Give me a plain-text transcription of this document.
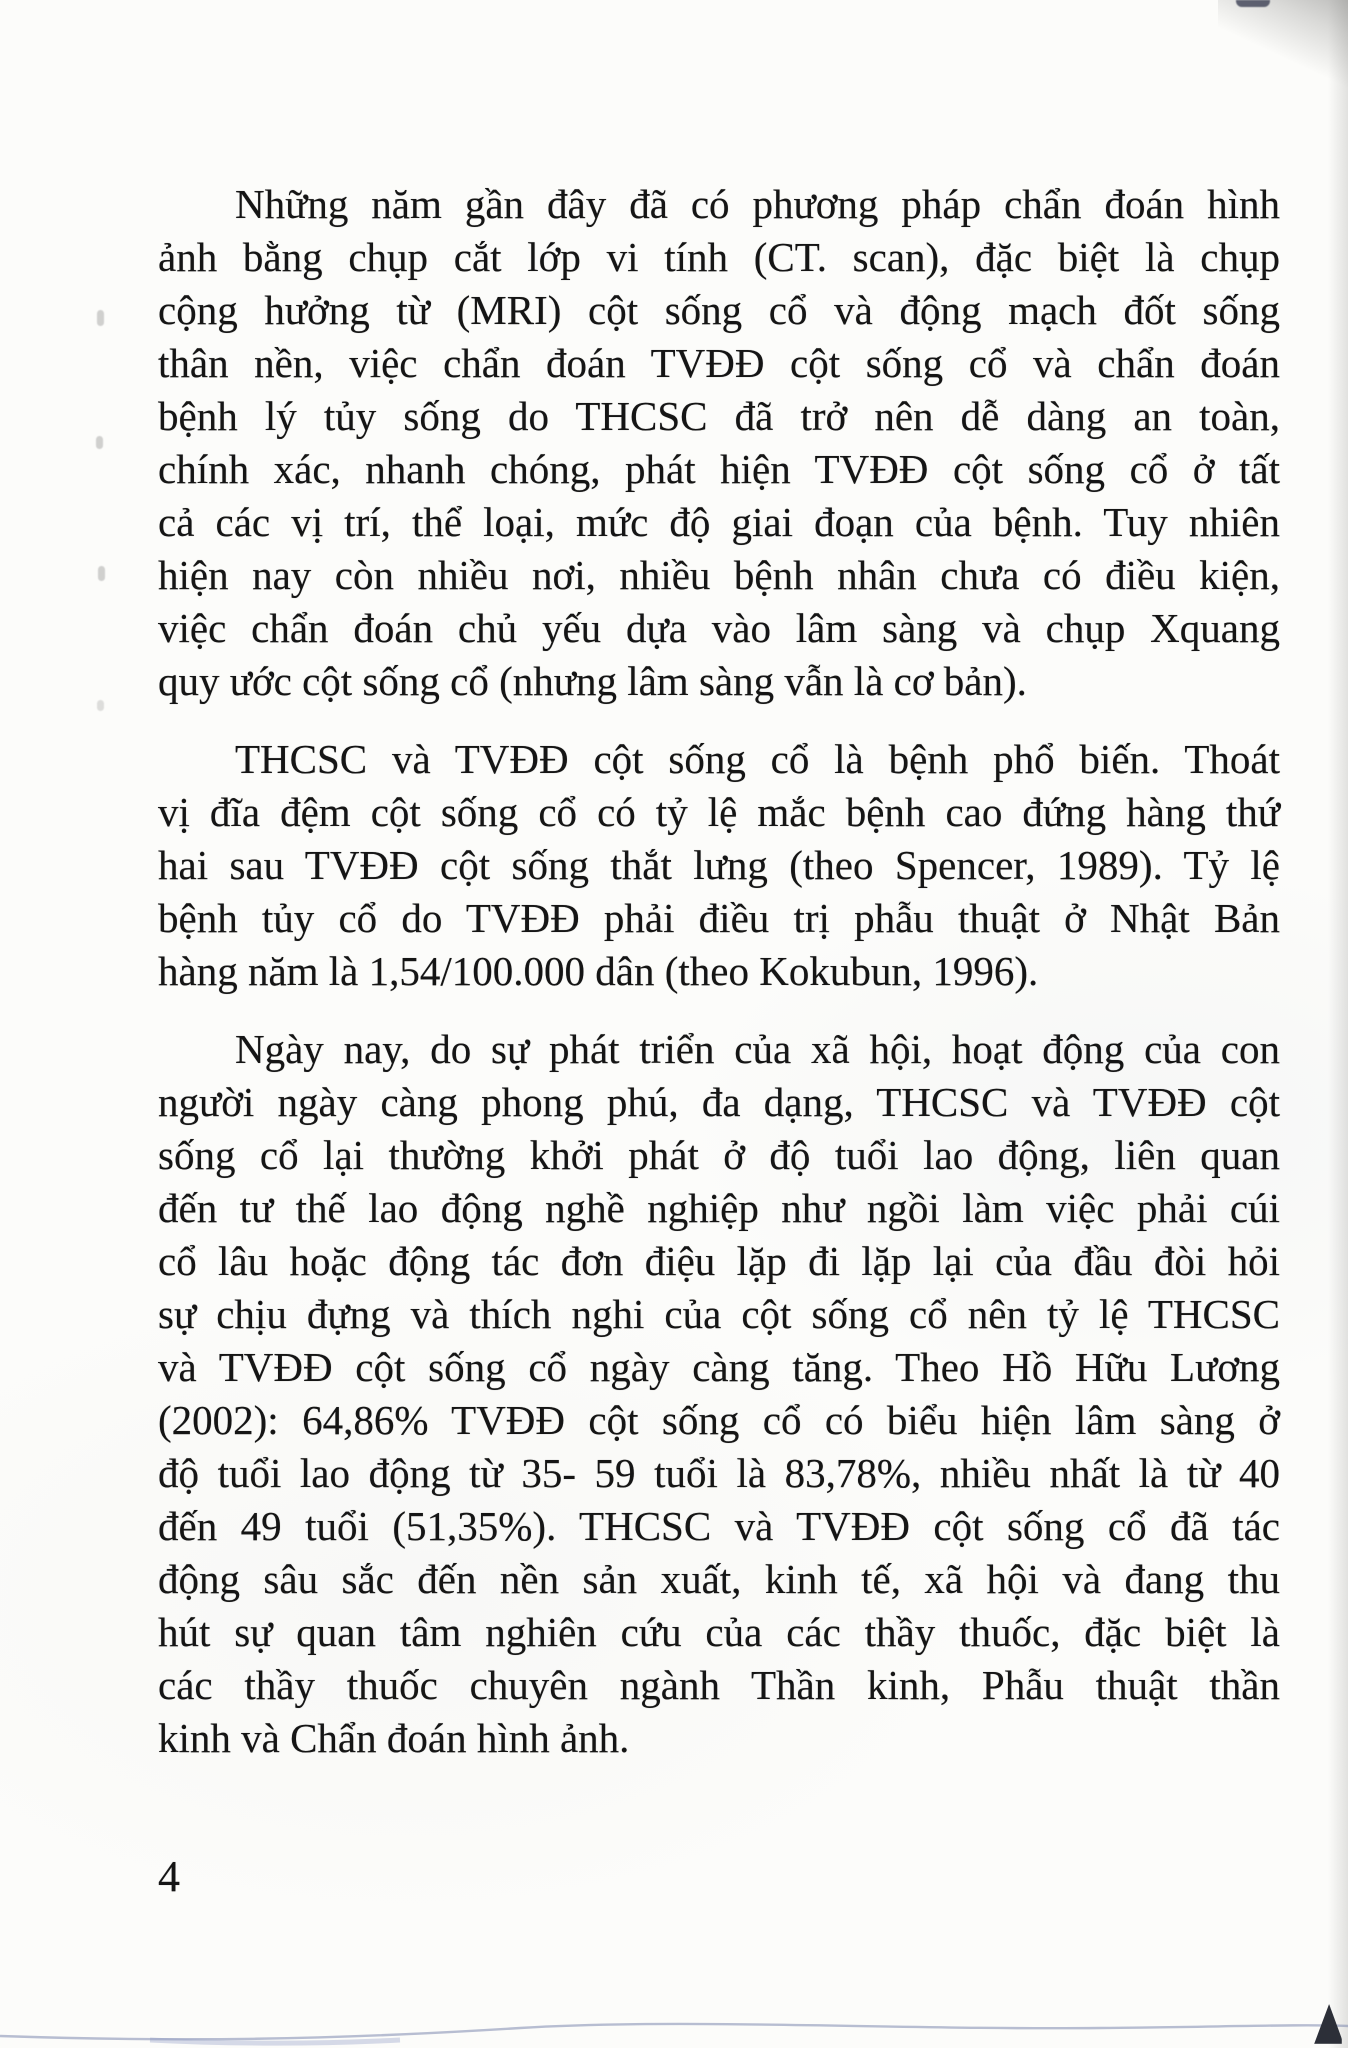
Những năm gần đây đã có phương pháp chẩn đoán hình
ảnh bằng chụp cắt lớp vi tính (CT. scan), đặc biệt là chụp
cộng hưởng từ (MRI) cột sống cổ và động mạch đốt sống
thân nền, việc chẩn đoán TVĐĐ cột sống cổ và chẩn đoán
bệnh lý tủy sống do THCSC đã trở nên dễ dàng an toàn,
chính xác, nhanh chóng, phát hiện TVĐĐ cột sống cổ ở tất
cả các vị trí, thể loại, mức độ giai đoạn của bệnh. Tuy nhiên
hiện nay còn nhiều nơi, nhiều bệnh nhân chưa có điều kiện,
việc chẩn đoán chủ yếu dựa vào lâm sàng và chụp Xquang
quy ước cột sống cổ (nhưng lâm sàng vẫn là cơ bản).
THCSC và TVĐĐ cột sống cổ là bệnh phổ biến. Thoát
vị đĩa đệm cột sống cổ có tỷ lệ mắc bệnh cao đứng hàng thứ
hai sau TVĐĐ cột sống thắt lưng (theo Spencer, 1989). Tỷ lệ
bệnh tủy cổ do TVĐĐ phải điều trị phẫu thuật ở Nhật Bản
hàng năm là 1,54/100.000 dân (theo Kokubun, 1996).
Ngày nay, do sự phát triển của xã hội, hoạt động của con
người ngày càng phong phú, đa dạng, THCSC và TVĐĐ cột
sống cổ lại thường khởi phát ở độ tuổi lao động, liên quan
đến tư thế lao động nghề nghiệp như ngồi làm việc phải cúi
cổ lâu hoặc động tác đơn điệu lặp đi lặp lại của đầu đòi hỏi
sự chịu đựng và thích nghi của cột sống cổ nên tỷ lệ THCSC
và TVĐĐ cột sống cổ ngày càng tăng. Theo Hồ Hữu Lương
(2002): 64,86% TVĐĐ cột sống cổ có biểu hiện lâm sàng ở
độ tuổi lao động từ 35- 59 tuổi là 83,78%, nhiều nhất là từ 40
đến 49 tuổi (51,35%). THCSC và TVĐĐ cột sống cổ đã tác
động sâu sắc đến nền sản xuất, kinh tế, xã hội và đang thu
hút sự quan tâm nghiên cứu của các thầy thuốc, đặc biệt là
các thầy thuốc chuyên ngành Thần kinh, Phẫu thuật thần
kinh và Chẩn đoán hình ảnh.
4
